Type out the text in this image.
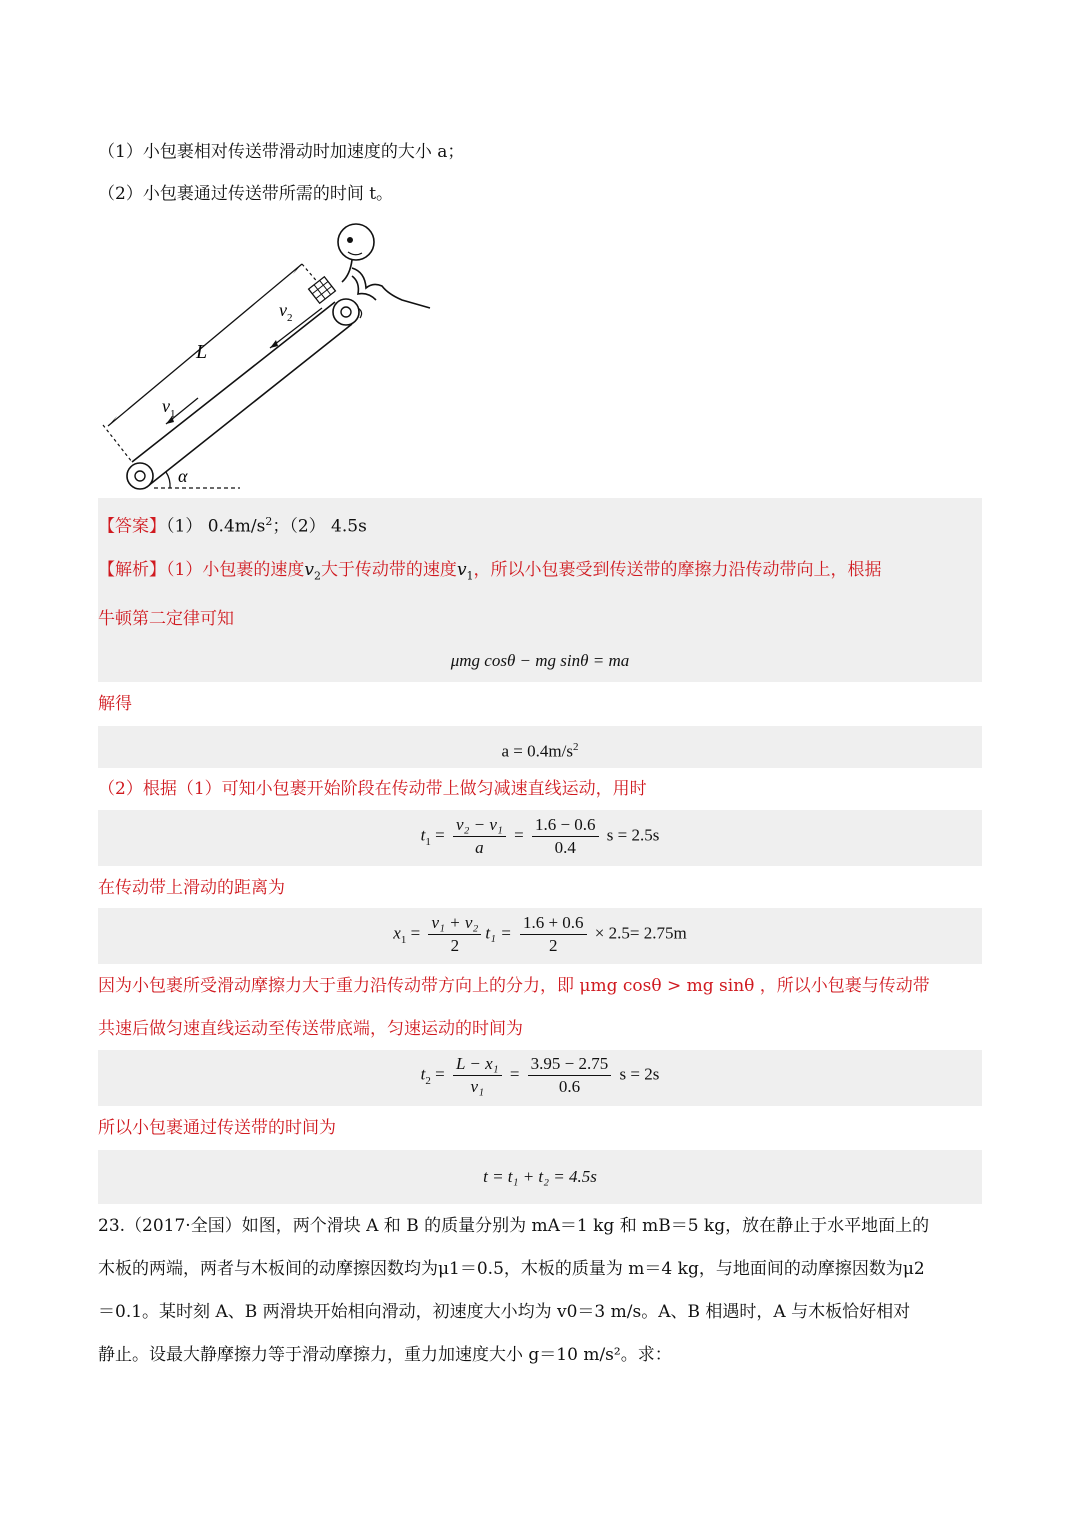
（1）小包裹相对传送带滑动时加速度的大小 a；
（2）小包裹通过传送带所需的时间 t。
α
L
$v_2$
$v_1$
【答案】（1） $0.4m/s^2$；（2） 4.5s
【解析】（1）小包裹的速度$v_2$大于传动带的速度$v_1$，所以小包裹受到传送带的摩擦力沿传动带向上，根据
牛顿第二定律可知
μmg cosθ − mg sinθ = ma
解得
$a = 0.4m/s^2$
（2）根据（1）可知小包裹开始阶段在传动带上做匀减速直线运动，用时
$t_1 = \frac{\text{v₂ − v₁}}{a} = \frac{1.6 - 0.6}{0.4}$ s = 2.5s
在传动带上滑动的距离为
$x_1 = \frac{\text{v₁ + v₂}}{2} t_1 = \frac{1.6 + 0.6}{2} \times 2.5= 2.75m$
因为小包裹所受滑动摩擦力大于重力沿传动带方向上的分力，即 μmg cosθ > mg sinθ ，所以小包裹与传动带
共速后做匀速直线运动至传送带底端，匀速运动的时间为
$t_2 = \frac{\text{L − x₁}}{\text{v₁}} = \frac{3.95 - 2.75}{0.6}$ s = 2s
所以小包裹通过传送带的时间为
t = t₁ + t₂ = 4.5s
23.（2017·全国）如图，两个滑块 A 和 B 的质量分别为 mA＝1 kg 和 mB＝5 kg，放在静止于水平地面上的
木板的两端，两者与木板间的动摩擦因数均为μ1＝0.5，木板的质量为 m＝4 kg，与地面间的动摩擦因数为μ2
＝0.1。某时刻 A、B 两滑块开始相向滑动，初速度大小均为 v0＝3 m/s。A、B 相遇时，A 与木板恰好相对
静止。设最大静摩擦力等于滑动摩擦力，重力加速度大小 g＝10 m/s²。求：
